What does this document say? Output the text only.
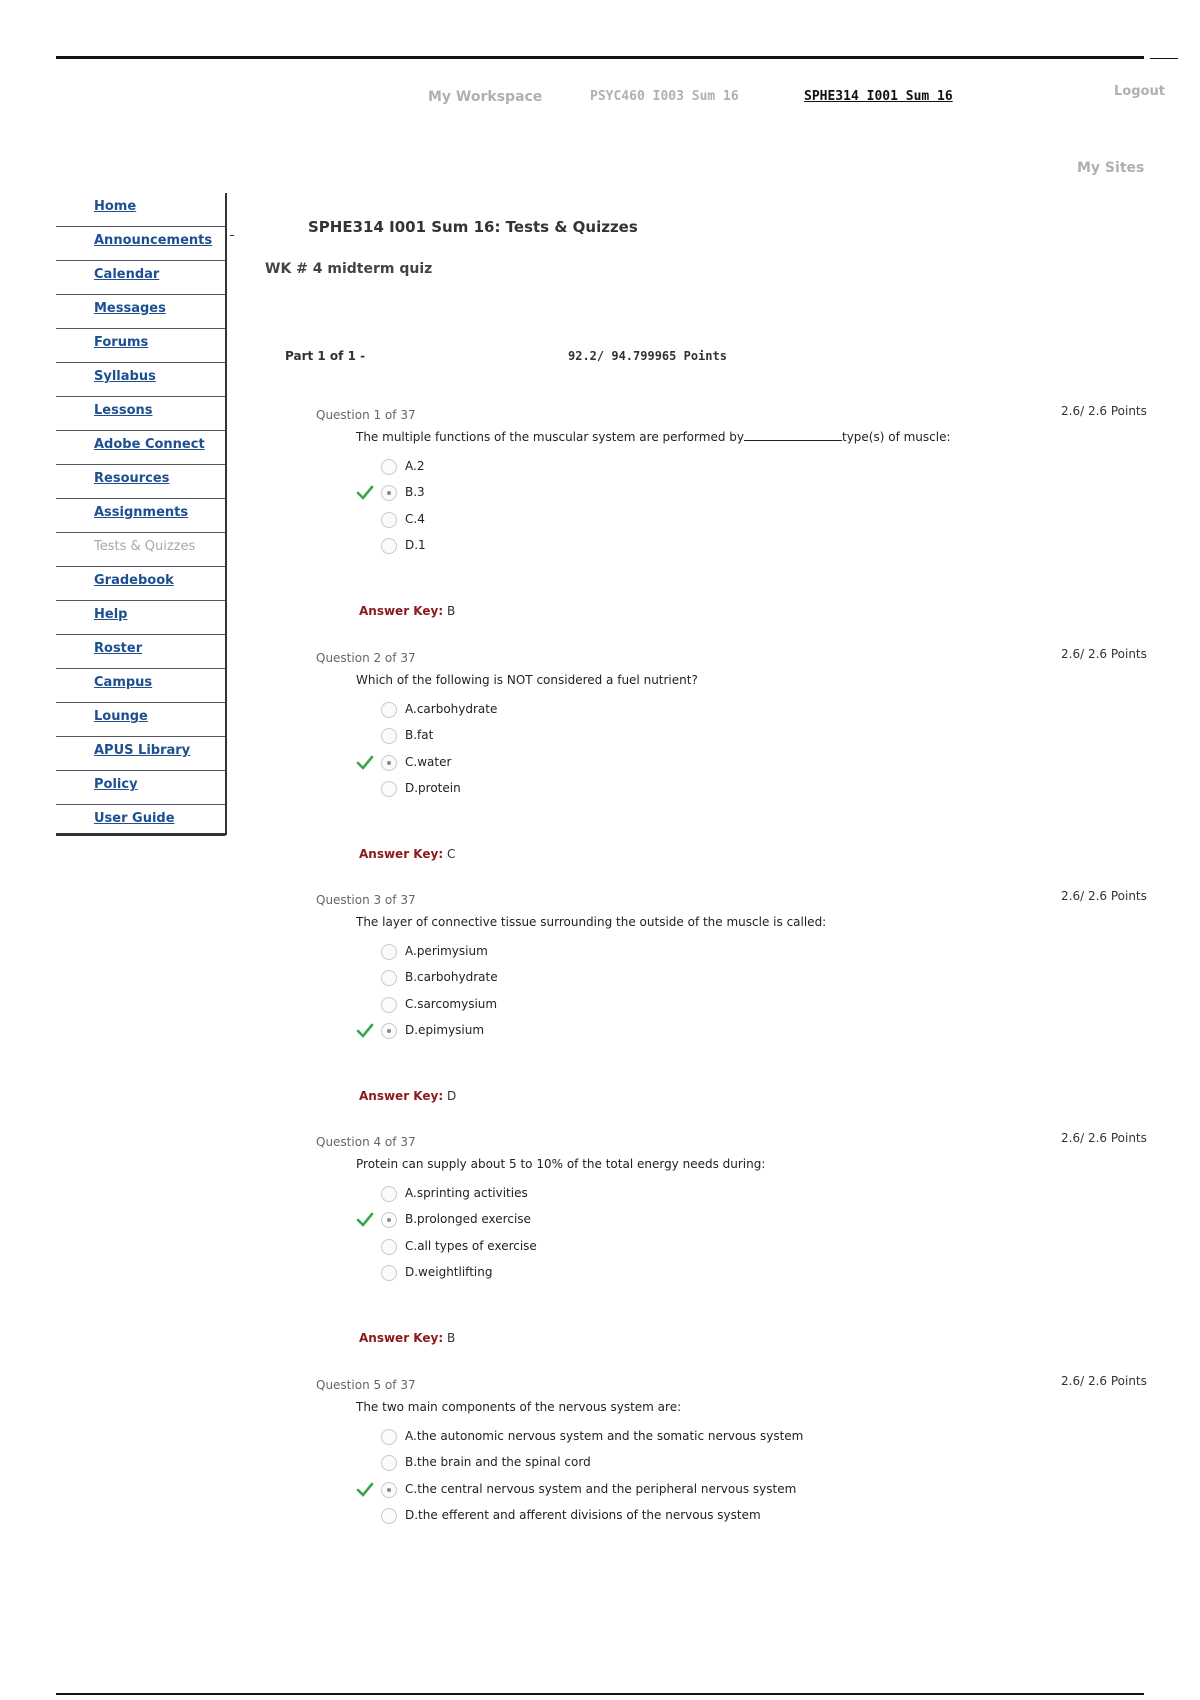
My Workspace	PSYC460 I003 Sum 16	SPHE314 I001 Sum 16	Logout
My Sites
Home
Announcements
Calendar
Messages
Forums
Syllabus
Lessons
Adobe Connect
Resources
Assignments
Tests & Quizzes
Gradebook
Help
Roster
Campus
Lounge
APUS Library
Policy
User Guide
SPHE314 I001 Sum 16: Tests & Quizzes
WK # 4 midterm quiz
Part 1 of 1 -	92.2/ 94.799965 Points
Question 1 of 37	2.6/ 2.6 Points
The multiple functions of the muscular system are performed by	type(s) of muscle:
A.2
B.3
C.4
D.1
Answer Key: B
Question 2 of 37	2.6/ 2.6 Points
Which of the following is NOT considered a fuel nutrient?
A.carbohydrate
B.fat
C.water
D.protein
Answer Key: C
Question 3 of 37	2.6/ 2.6 Points
The layer of connective tissue surrounding the outside of the muscle is called:
A.perimysium
B.carbohydrate
C.sarcomysium
D.epimysium
Answer Key: D
Question 4 of 37	2.6/ 2.6 Points
Protein can supply about 5 to 10% of the total energy needs during:
A.sprinting activities
B.prolonged exercise
C.all types of exercise
D.weightlifting
Answer Key: B
Question 5 of 37	2.6/ 2.6 Points
The two main components of the nervous system are:
A.the autonomic nervous system and the somatic nervous system
B.the brain and the spinal cord
C.the central nervous system and the peripheral nervous system
D.the efferent and afferent divisions of the nervous system
